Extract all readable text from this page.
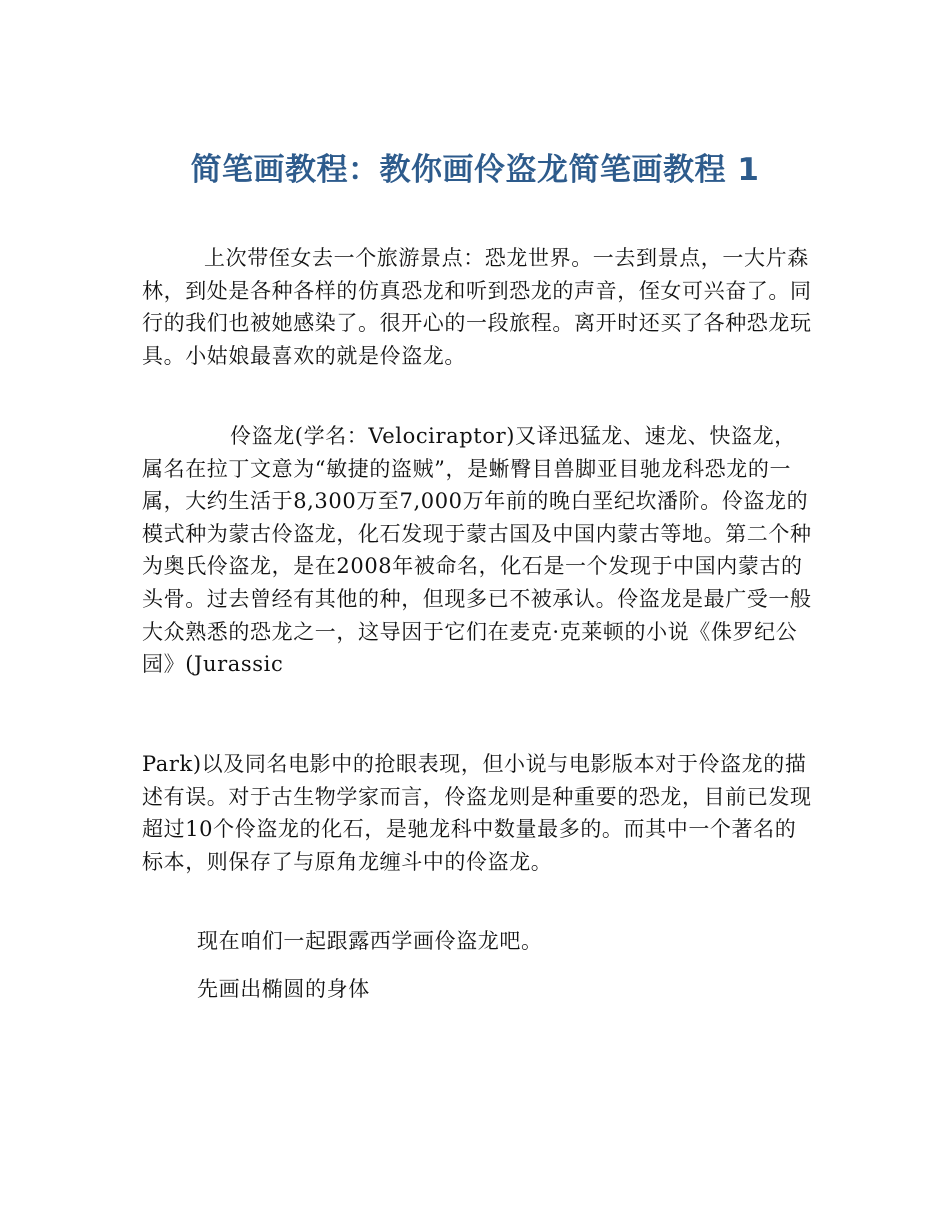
简笔画教程：教你画伶盗龙简笔画教程 1

上次带侄女去一个旅游景点：恐龙世界。一去到景点，一大片森林，到处是各种各样的仿真恐龙和听到恐龙的声音，侄女可兴奋了。同行的我们也被她感染了。很开心的一段旅程。离开时还买了各种恐龙玩具。小姑娘最喜欢的就是伶盗龙。

伶盗龙(学名：Velociraptor)又译迅猛龙、速龙、快盗龙，属名在拉丁文意为“敏捷的盗贼”，是蜥臀目兽脚亚目驰龙科恐龙的一属，大约生活于8,300万至7,000万年前的晚白垩纪坎潘阶。伶盗龙的模式种为蒙古伶盗龙，化石发现于蒙古国及中国内蒙古等地。第二个种为奥氏伶盗龙，是在2008年被命名，化石是一个发现于中国内蒙古的头骨。过去曾经有其他的种，但现多已不被承认。伶盗龙是最广受一般大众熟悉的恐龙之一，这导因于它们在麦克·克莱顿的小说《侏罗纪公园》(Jurassic

Park)以及同名电影中的抢眼表现，但小说与电影版本对于伶盗龙的描述有误。对于古生物学家而言，伶盗龙则是种重要的恐龙，目前已发现超过10个伶盗龙的化石，是驰龙科中数量最多的。而其中一个著名的标本，则保存了与原角龙缠斗中的伶盗龙。

现在咱们一起跟露西学画伶盗龙吧。

先画出椭圆的身体
